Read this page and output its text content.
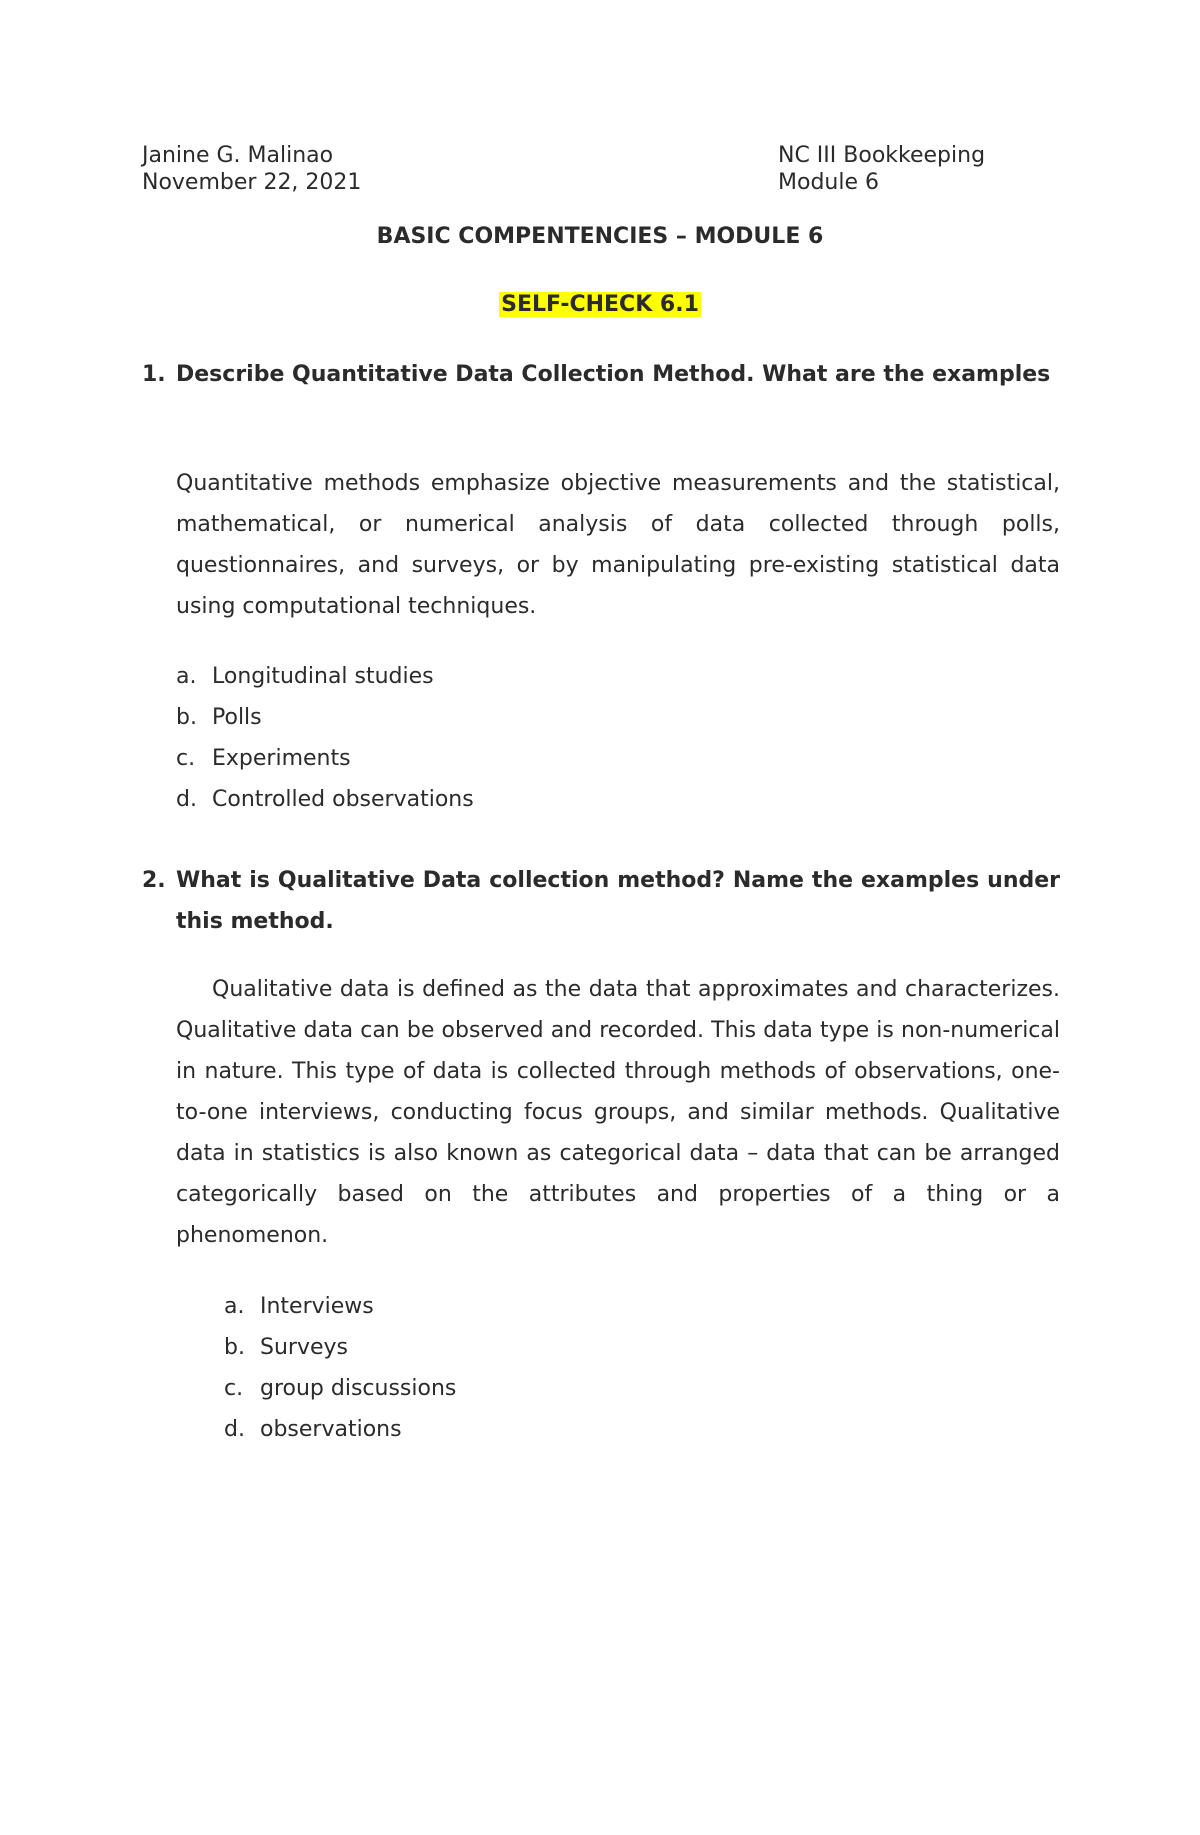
Janine G. Malinao
November 22, 2021
NC III Bookkeeping
Module 6
BASIC COMPENTENCIES – MODULE 6
SELF-CHECK 6.1
1. Describe Quantitative Data Collection Method. What are the examples
Quantitative methods emphasize objective measurements and the statistical, mathematical, or numerical analysis of data collected through polls, questionnaires, and surveys, or by manipulating pre-existing statistical data using computational techniques.
a. Longitudinal studies
b. Polls
c. Experiments
d. Controlled observations
2. What is Qualitative Data collection method? Name the examples under this method.
Qualitative data is defined as the data that approximates and characterizes. Qualitative data can be observed and recorded. This data type is non-numerical in nature. This type of data is collected through methods of observations, one-to-one interviews, conducting focus groups, and similar methods. Qualitative data in statistics is also known as categorical data – data that can be arranged categorically based on the attributes and properties of a thing or a phenomenon.
a. Interviews
b. Surveys
c. group discussions
d. observations
